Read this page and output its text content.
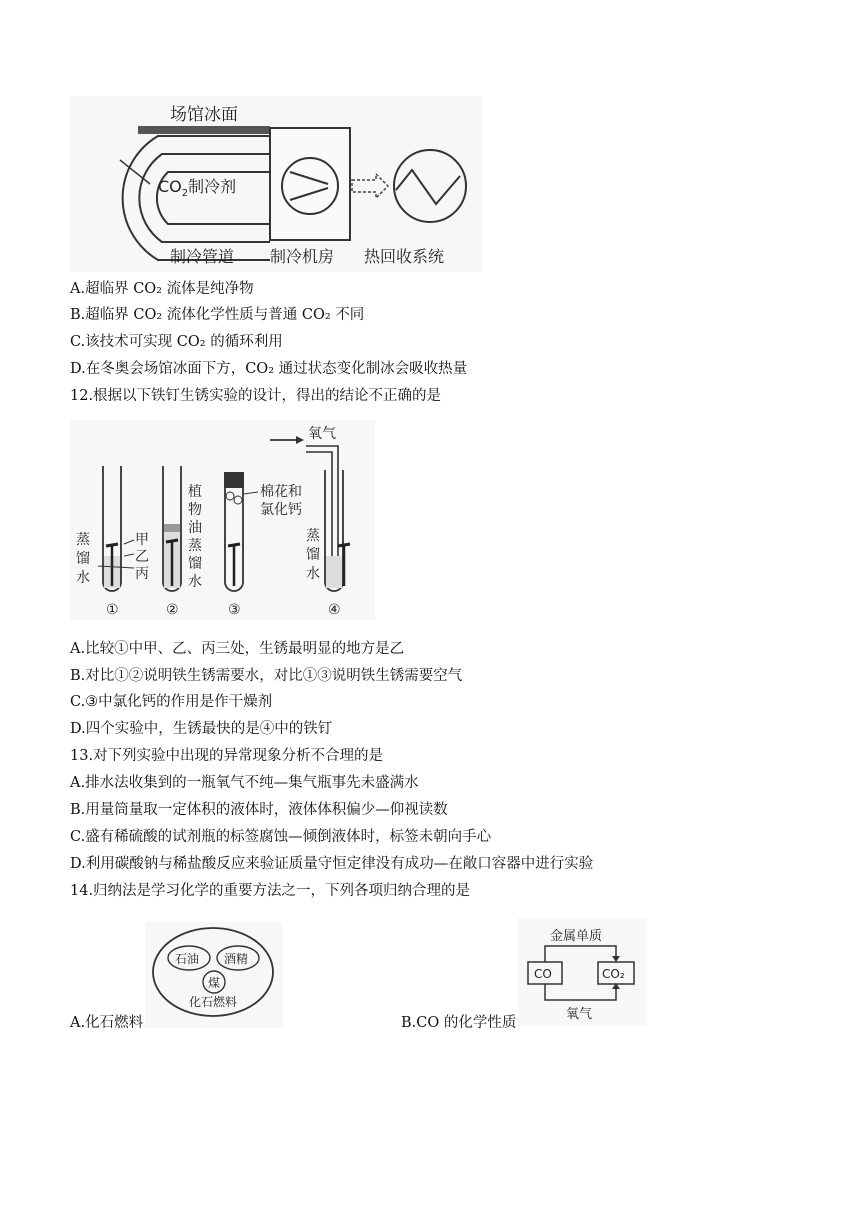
场馆冰面
$CO_2$制冷剂
制冷管道 制冷机房 热回收系统
A.超临界 CO₂ 流体是纯净物
B.超临界 CO₂ 流体化学性质与普通 CO₂ 不同
C.该技术可实现 CO₂ 的循环利用
D.在冬奥会场馆冰面下方，CO₂ 通过状态变化制冰会吸收热量
12.根据以下铁钉生锈实验的设计，得出的结论不正确的是
蒸
馏
水
甲
乙
丙
植
物
油
蒸
馏
水
棉花和
氯化钙
氧气
蒸
馏
水
①	②	③	④
A.比较①中甲、乙、丙三处，生锈最明显的地方是乙
B.对比①②说明铁生锈需要水，对比①③说明铁生锈需要空气
C.③中氯化钙的作用是作干燥剂
D.四个实验中，生锈最快的是④中的铁钉
13.对下列实验中出现的异常现象分析不合理的是
A.排水法收集到的一瓶氧气不纯—集气瓶事先未盛满水
B.用量筒量取一定体积的液体时，液体体积偏少—仰视读数
C.盛有稀硫酸的试剂瓶的标签腐蚀—倾倒液体时，标签未朝向手心
D.利用碳酸钠与稀盐酸反应来验证质量守恒定律没有成功—在敞口容器中进行实验
14.归纳法是学习化学的重要方法之一，下列各项归纳合理的是
石油 酒精
煤
化石燃料
金属单质
CO	CO₂
氧气
A.化石燃料	B.CO 的化学性质
